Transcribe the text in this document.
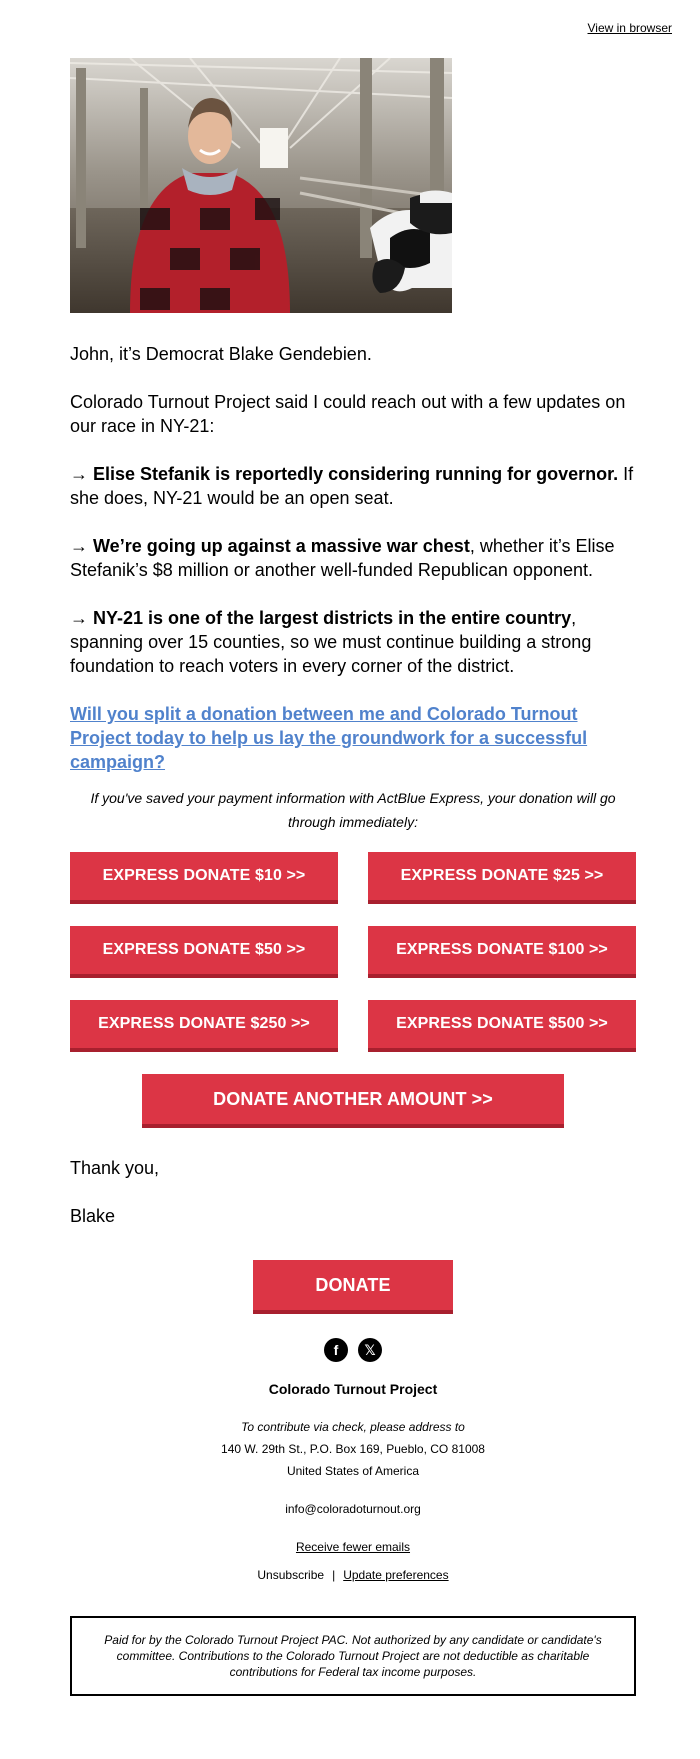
View in browser

John, it’s Democrat Blake Gendebien.

Colorado Turnout Project said I could reach out with a few updates on our race in NY-21:

→ Elise Stefanik is reportedly considering running for governor. If she does, NY-21 would be an open seat.

→ We’re going up against a massive war chest, whether it’s Elise Stefanik’s $8 million or another well-funded Republican opponent.

→ NY-21 is one of the largest districts in the entire country, spanning over 15 counties, so we must continue building a strong foundation to reach voters in every corner of the district.

Will you split a donation between me and Colorado Turnout Project today to help us lay the groundwork for a successful campaign?
If you've saved your payment information with ActBlue Express, your donation will go through immediately:
EXPRESS DONATE $10 >>	EXPRESS DONATE $25 >>
EXPRESS DONATE $50 >>	EXPRESS DONATE $100 >>
EXPRESS DONATE $250 >>	EXPRESS DONATE $500 >>
DONATE ANOTHER AMOUNT >>
Thank you,
Blake
DONATE
f	𝕏
Colorado Turnout Project
To contribute via check, please address to
140 W. 29th St., P.O. Box 169, Pueblo, CO 81008
United States of America
info@coloradoturnout.org
Receive fewer emails
Unsubscribe | Update preferences
Paid for by the Colorado Turnout Project PAC. Not authorized by any candidate or candidate's committee. Contributions to the Colorado Turnout Project are not deductible as charitable contributions for Federal tax income purposes.
